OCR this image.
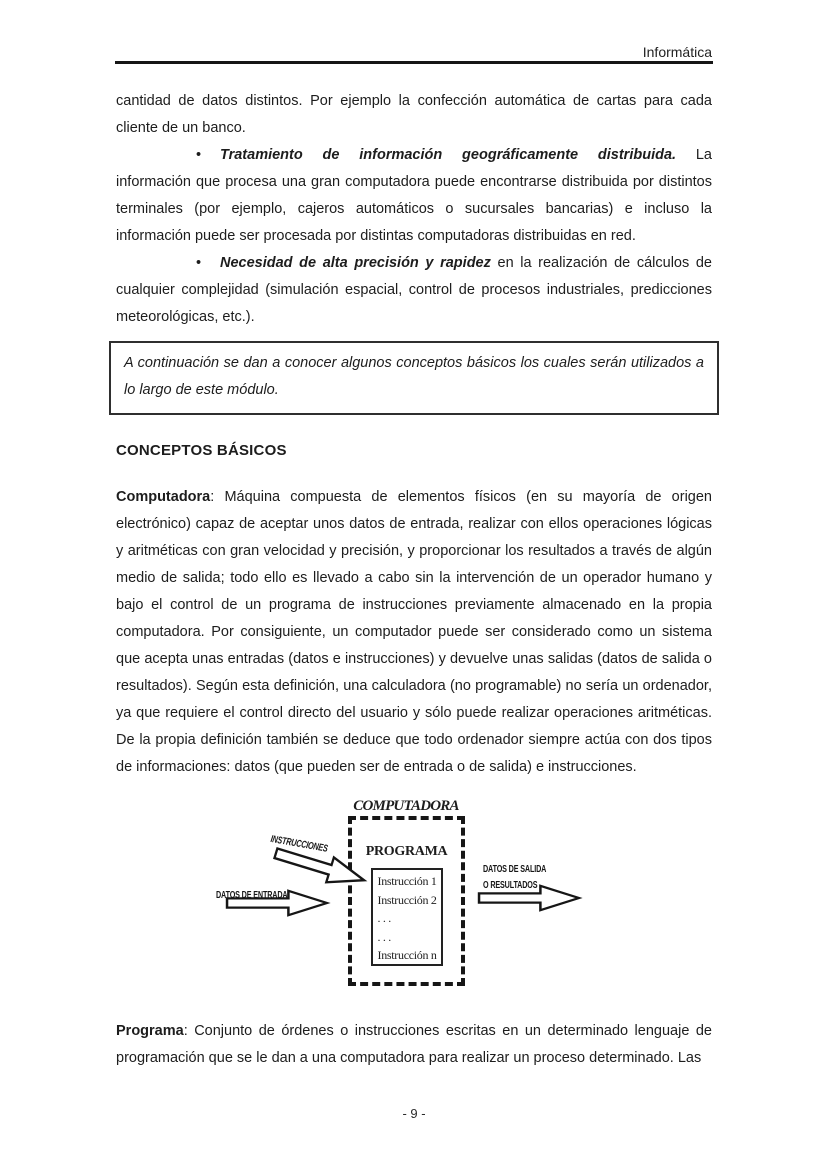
Informática

cantidad de datos distintos. Por ejemplo la confección automática de cartas para cada cliente de un banco.

• Tratamiento de información geográficamente distribuida. La información que procesa una gran computadora puede encontrarse distribuida por distintos terminales (por ejemplo, cajeros automáticos o sucursales bancarias) e incluso la información puede ser procesada por distintas computadoras distribuidas en red.

• Necesidad de alta precisión y rapidez en la realización de cálculos de cualquier complejidad (simulación espacial, control de procesos industriales, predicciones meteorológicas, etc.).

A continuación se dan a conocer algunos conceptos básicos los cuales serán utilizados a lo largo de este módulo.
CONCEPTOS BÁSICOS

Computadora: Máquina compuesta de elementos físicos (en su mayoría de origen electrónico) capaz de aceptar unos datos de entrada, realizar con ellos operaciones lógicas y aritméticas con gran velocidad y precisión, y proporcionar los resultados a través de algún medio de salida; todo ello es llevado a cabo sin la intervención de un operador humano y bajo el control de un programa de instrucciones previamente almacenado en la propia computadora. Por consiguiente, un computador puede ser considerado como un sistema que acepta unas entradas (datos e instrucciones) y devuelve unas salidas (datos de salida o resultados). Según esta definición, una calculadora (no programable) no sería un ordenador, ya que requiere el control directo del usuario y sólo puede realizar operaciones aritméticas. De la propia definición también se deduce que todo ordenador siempre actúa con dos tipos de informaciones: datos (que pueden ser de entrada o de salida) e instrucciones.

COMPUTADORA
PROGRAMA
Instrucción 1
Instrucción 2
. . .
. . .
Instrucción n
INSTRUCCIONES
DATOS DE ENTRADA
DATOS DE SALIDA
O RESULTADOS

Programa: Conjunto de órdenes o instrucciones escritas en un determinado lenguaje de programación que se le dan a una computadora para realizar un proceso determinado. Las

- 9 -
